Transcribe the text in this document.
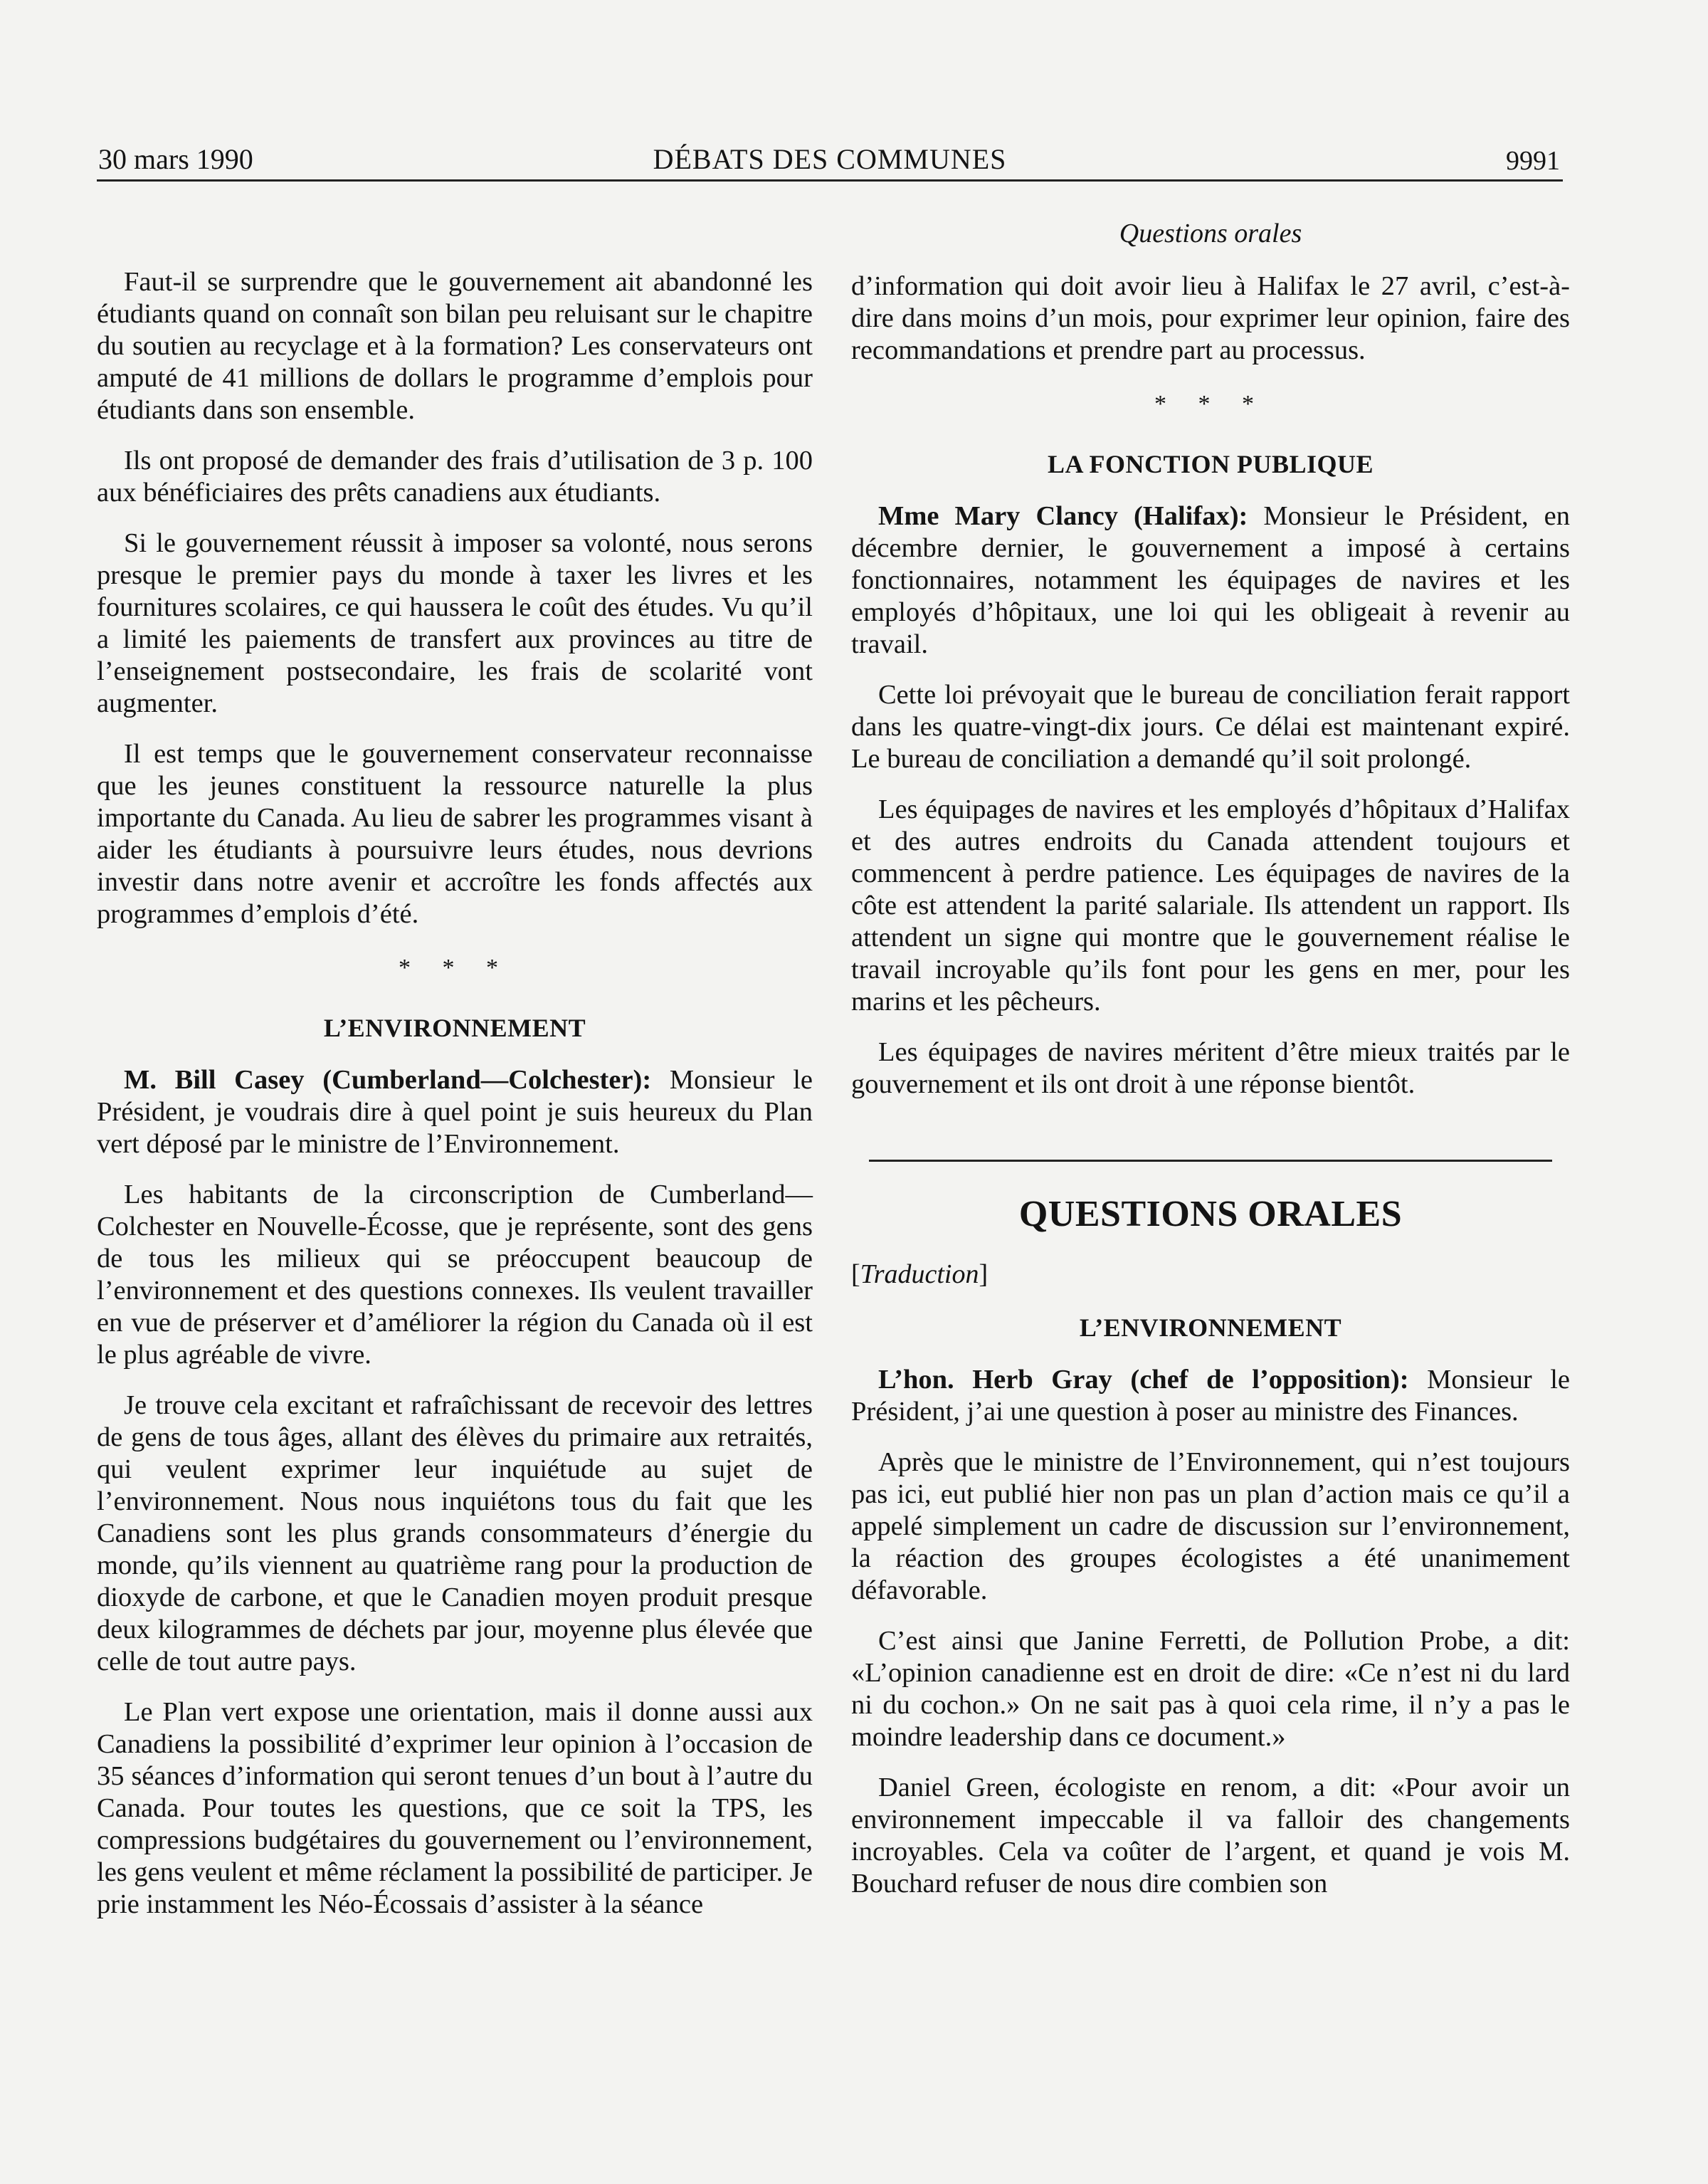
30 mars 1990	DÉBATS DES COMMUNES	9991
Questions orales

Faut-il se surprendre que le gouvernement ait abandonné les étudiants quand on connaît son bilan peu reluisant sur le chapitre du soutien au recyclage et à la formation? Les conservateurs ont amputé de 41 millions de dollars le programme d’emplois pour étudiants dans son ensemble.

Ils ont proposé de demander des frais d’utilisation de 3 p. 100 aux bénéficiaires des prêts canadiens aux étudiants.

Si le gouvernement réussit à imposer sa volonté, nous serons presque le premier pays du monde à taxer les livres et les fournitures scolaires, ce qui haussera le coût des études. Vu qu’il a limité les paiements de transfert aux provinces au titre de l’enseignement postsecondaire, les frais de scolarité vont augmenter.

Il est temps que le gouvernement conservateur reconnaisse que les jeunes constituent la ressource naturelle la plus importante du Canada. Au lieu de sabrer les programmes visant à aider les étudiants à poursuivre leurs études, nous devrions investir dans notre avenir et accroître les fonds affectés aux programmes d’emplois d’été.

* * *
L’ENVIRONNEMENT

M. Bill Casey (Cumberland—Colchester): Monsieur le Président, je voudrais dire à quel point je suis heureux du Plan vert déposé par le ministre de l’Environnement.

Les habitants de la circonscription de Cumberland—Colchester en Nouvelle-Écosse, que je représente, sont des gens de tous les milieux qui se préoccupent beaucoup de l’environnement et des questions connexes. Ils veulent travailler en vue de préserver et d’améliorer la région du Canada où il est le plus agréable de vivre.

Je trouve cela excitant et rafraîchissant de recevoir des lettres de gens de tous âges, allant des élèves du primaire aux retraités, qui veulent exprimer leur inquiétude au sujet de l’environnement. Nous nous inquiétons tous du fait que les Canadiens sont les plus grands consommateurs d’énergie du monde, qu’ils viennent au quatrième rang pour la production de dioxyde de carbone, et que le Canadien moyen produit presque deux kilogrammes de déchets par jour, moyenne plus élevée que celle de tout autre pays.

Le Plan vert expose une orientation, mais il donne aussi aux Canadiens la possibilité d’exprimer leur opinion à l’occasion de 35 séances d’information qui seront tenues d’un bout à l’autre du Canada. Pour toutes les questions, que ce soit la TPS, les compressions budgétaires du gouvernement ou l’environnement, les gens veulent et même réclament la possibilité de participer. Je prie instamment les Néo-Écossais d’assister à la séance

d’information qui doit avoir lieu à Halifax le 27 avril, c’est-à-dire dans moins d’un mois, pour exprimer leur opinion, faire des recommandations et prendre part au processus.

* * *
LA FONCTION PUBLIQUE

Mme Mary Clancy (Halifax): Monsieur le Président, en décembre dernier, le gouvernement a imposé à certains fonctionnaires, notamment les équipages de navires et les employés d’hôpitaux, une loi qui les obligeait à revenir au travail.

Cette loi prévoyait que le bureau de conciliation ferait rapport dans les quatre-vingt-dix jours. Ce délai est maintenant expiré. Le bureau de conciliation a demandé qu’il soit prolongé.

Les équipages de navires et les employés d’hôpitaux d’Halifax et des autres endroits du Canada attendent toujours et commencent à perdre patience. Les équipages de navires de la côte est attendent la parité salariale. Ils attendent un rapport. Ils attendent un signe qui montre que le gouvernement réalise le travail incroyable qu’ils font pour les gens en mer, pour les marins et les pêcheurs.

Les équipages de navires méritent d’être mieux traités par le gouvernement et ils ont droit à une réponse bientôt.

QUESTIONS ORALES
[Traduction]
L’ENVIRONNEMENT

L’hon. Herb Gray (chef de l’opposition): Monsieur le Président, j’ai une question à poser au ministre des Finances.

Après que le ministre de l’Environnement, qui n’est toujours pas ici, eut publié hier non pas un plan d’action mais ce qu’il a appelé simplement un cadre de discussion sur l’environnement, la réaction des groupes écologistes a été unanimement défavorable.

C’est ainsi que Janine Ferretti, de Pollution Probe, a dit: «L’opinion canadienne est en droit de dire: «Ce n’est ni du lard ni du cochon.» On ne sait pas à quoi cela rime, il n’y a pas le moindre leadership dans ce document.»

Daniel Green, écologiste en renom, a dit: «Pour avoir un environnement impeccable il va falloir des changements incroyables. Cela va coûter de l’argent, et quand je vois M. Bouchard refuser de nous dire combien son
